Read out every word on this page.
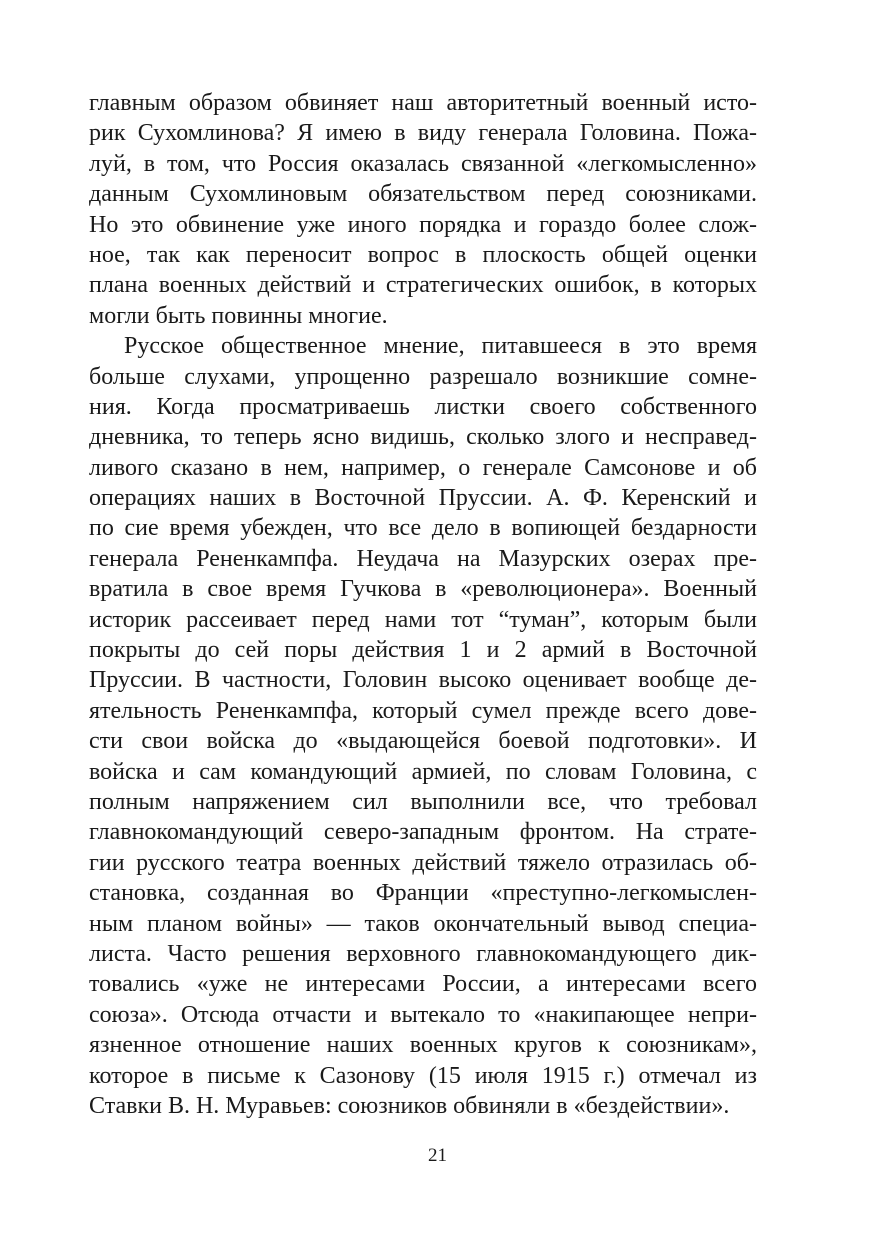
главным образом обвиняет наш авторитетный военный исто-
рик Сухомлинова? Я имею в виду генерала Головина. Пожа-
луй, в том, что Россия оказалась связанной «легкомысленно»
данным Сухомлиновым обязательством перед союзниками.
Но это обвинение уже иного порядка и гораздо более слож-
ное, так как переносит вопрос в плоскость общей оценки
плана военных действий и стратегических ошибок, в которых
могли быть повинны многие.
Русское общественное мнение, питавшееся в это время
больше слухами, упрощенно разрешало возникшие сомне-
ния. Когда просматриваешь листки своего собственного
дневника, то теперь ясно видишь, сколько злого и несправед-
ливого сказано в нем, например, о генерале Самсонове и об
операциях наших в Восточной Пруссии. А. Ф. Керенский и
по сие время убежден, что все дело в вопиющей бездарности
генерала Рененкампфа. Неудача на Мазурских озерах пре-
вратила в свое время Гучкова в «революционера». Военный
историк рассеивает перед нами тот “туман”, которым были
покрыты до сей поры действия 1 и 2 армий в Восточной
Пруссии. В частности, Головин высоко оценивает вообще де-
ятельность Рененкампфа, который сумел прежде всего дове-
сти свои войска до «выдающейся боевой подготовки». И
войска и сам командующий армией, по словам Головина, с
полным напряжением сил выполнили все, что требовал
главнокомандующий северо-западным фронтом. На страте-
гии русского театра военных действий тяжело отразилась об-
становка, созданная во Франции «преступно-легкомыслен-
ным планом войны» — таков окончательный вывод специа-
листа. Часто решения верховного главнокомандующего дик-
товались «уже не интересами России, а интересами всего
союза». Отсюда отчасти и вытекало то «накипающее непри-
язненное отношение наших военных кругов к союзникам»,
которое в письме к Сазонову (15 июля 1915 г.) отмечал из
Ставки В. Н. Муравьев: союзников обвиняли в «бездействии».
21
